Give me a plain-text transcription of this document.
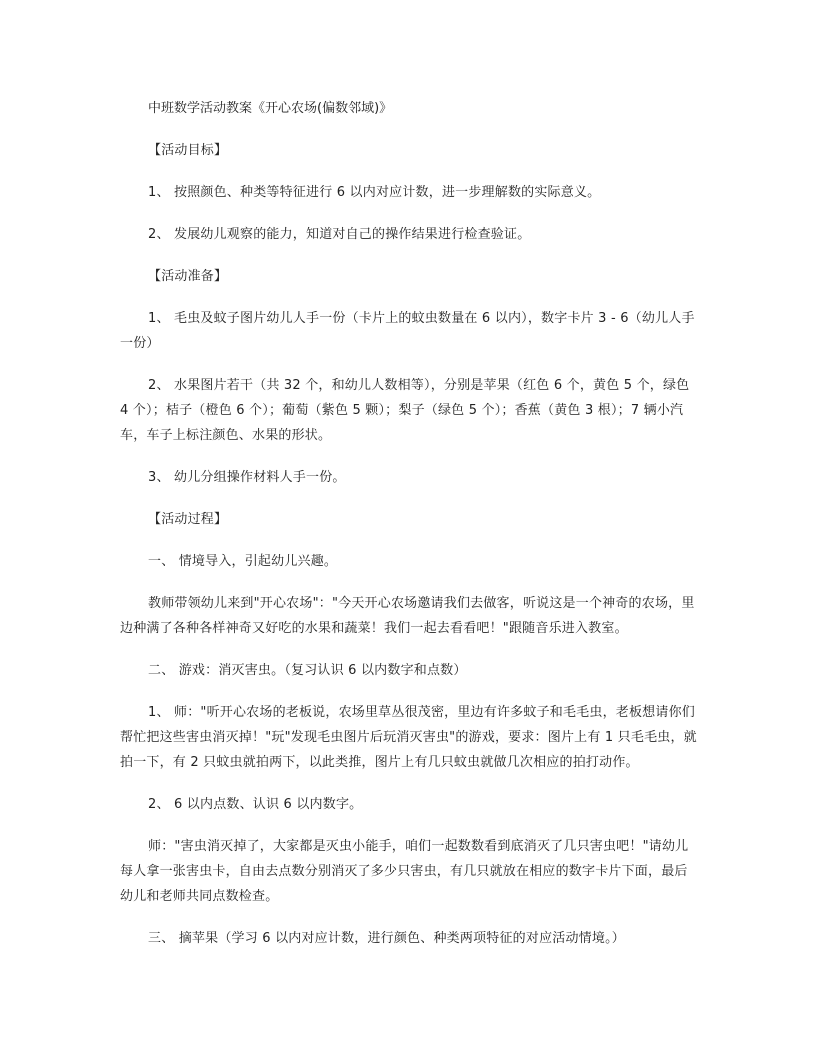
中班数学活动教案《开心农场(偏数邻域)》

【活动目标】

1、 按照颜色、种类等特征进行 6 以内对应计数，进一步理解数的实际意义。

2、 发展幼儿观察的能力，知道对自己的操作结果进行检查验证。

【活动准备】

1、 毛虫及蚊子图片幼儿人手一份（卡片上的蚊虫数量在 6 以内），数字卡片 3 - 6（幼儿人手一份）

2、 水果图片若干（共 32 个，和幼儿人数相等），分别是苹果（红色 6 个，黄色 5 个，绿色 4 个）；桔子（橙色 6 个）；葡萄（紫色 5 颗）；梨子（绿色 5 个）；香蕉（黄色 3 根）；7 辆小汽车，车子上标注颜色、水果的形状。

3、 幼儿分组操作材料人手一份。

【活动过程】

一、 情境导入，引起幼儿兴趣。

教师带领幼儿来到"开心农场"："今天开心农场邀请我们去做客，听说这是一个神奇的农场，里边种满了各种各样神奇又好吃的水果和蔬菜！我们一起去看看吧！"跟随音乐进入教室。

二、 游戏：消灭害虫。（复习认识 6 以内数字和点数）

1、 师："听开心农场的老板说，农场里草丛很茂密，里边有许多蚊子和毛毛虫，老板想请你们帮忙把这些害虫消灭掉！"玩"发现毛虫图片后玩消灭害虫"的游戏，要求：图片上有 1 只毛毛虫，就拍一下，有 2 只蚊虫就拍两下，以此类推，图片上有几只蚊虫就做几次相应的拍打动作。

2、 6 以内点数、认识 6 以内数字。

师："害虫消灭掉了，大家都是灭虫小能手，咱们一起数数看到底消灭了几只害虫吧！"请幼儿每人拿一张害虫卡，自由去点数分别消灭了多少只害虫，有几只就放在相应的数字卡片下面，最后幼儿和老师共同点数检查。

三、 摘苹果（学习 6 以内对应计数，进行颜色、种类两项特征的对应活动情境。）
